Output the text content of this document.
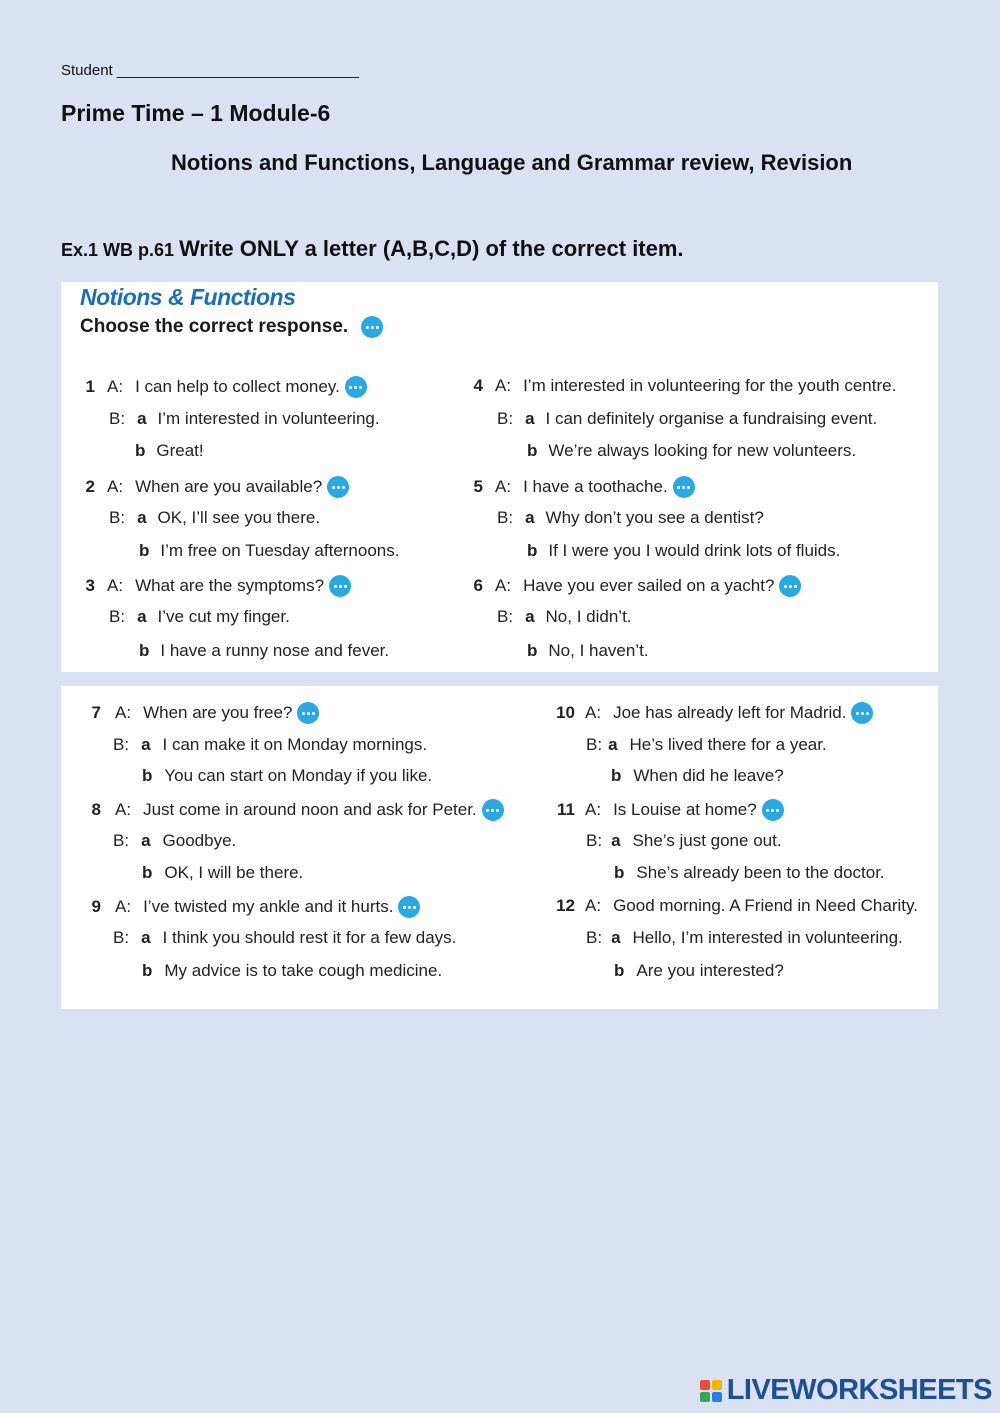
Student _____________________________
Prime Time – 1 Module-6
Notions and Functions, Language and Grammar review, Revision
Ex.1 WB p.61 Write ONLY a letter (A,B,C,D) of the correct item.
Notions & Functions
Choose the correct response.
1 A: I can help to collect money.
B: a I’m interested in volunteering.
b Great!
2 A: When are you available?
B: a OK, I’ll see you there.
b I’m free on Tuesday afternoons.
3 A: What are the symptoms?
B: a I’ve cut my finger.
b I have a runny nose and fever.
4 A: I’m interested in volunteering for the youth centre.
B: a I can definitely organise a fundraising event.
b We’re always looking for new volunteers.
5 A: I have a toothache.
B: a Why don’t you see a dentist?
b If I were you I would drink lots of fluids.
6 A: Have you ever sailed on a yacht?
B: a No, I didn’t.
b No, I haven’t.
7 A: When are you free?
B: a I can make it on Monday mornings.
b You can start on Monday if you like.
8 A: Just come in around noon and ask for Peter.
B: a Goodbye.
b OK, I will be there.
9 A: I’ve twisted my ankle and it hurts.
B: a I think you should rest it for a few days.
b My advice is to take cough medicine.
10 A: Joe has already left for Madrid.
B: a He’s lived there for a year.
b When did he leave?
11 A: Is Louise at home?
B: a She’s just gone out.
b She’s already been to the doctor.
12 A: Good morning. A Friend in Need Charity.
B: a Hello, I’m interested in volunteering.
b Are you interested?
LIVEWORKSHEETS
